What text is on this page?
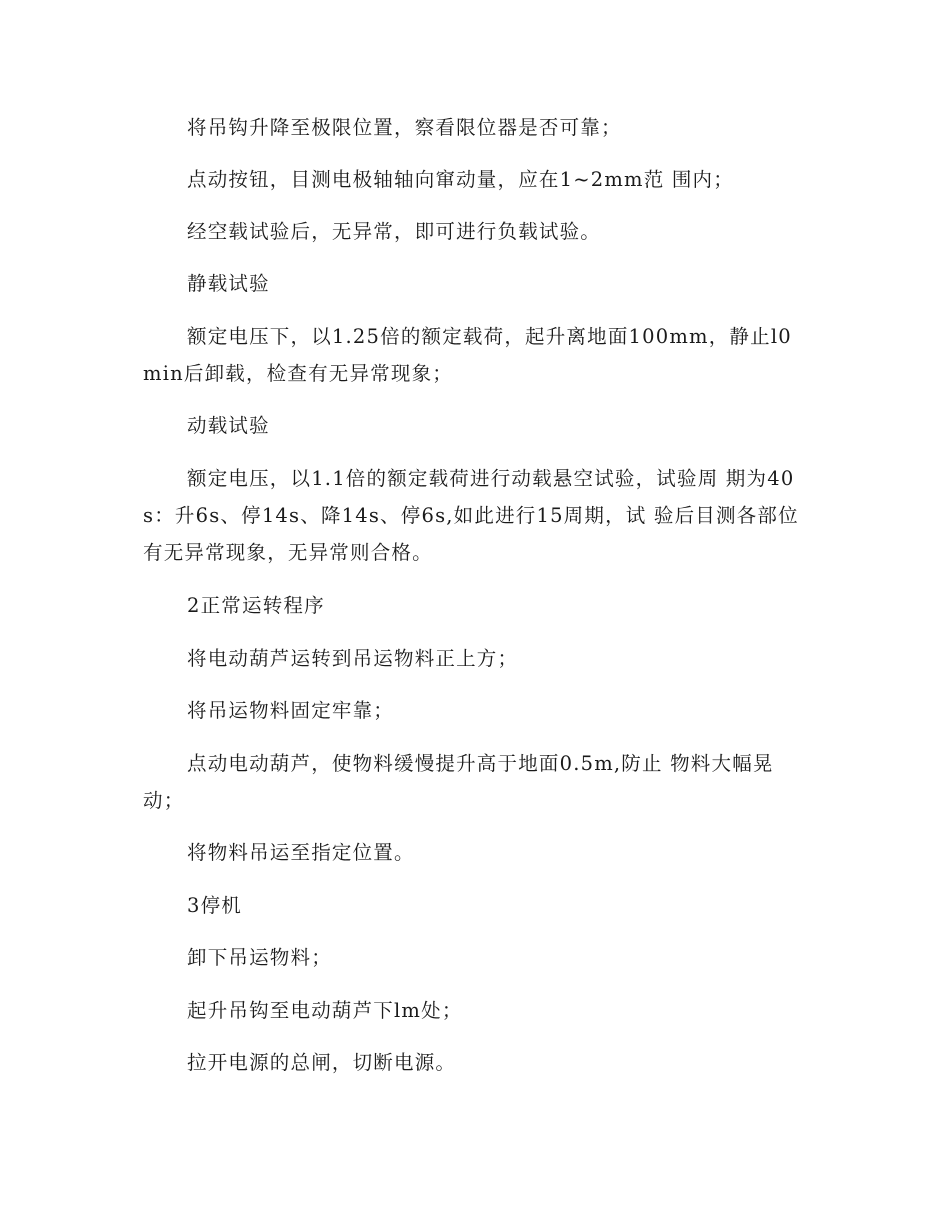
将吊钩升降至极限位置，察看限位器是否可靠；

点动按钮，目测电极轴轴向窜动量，应在1~2mm范 围内；

经空载试验后，无异常，即可进行负载试验。

静载试验

额定电压下，以1.25倍的额定载荷，起升离地面100mm，静止l0min后卸载，检查有无异常现象；

动载试验

额定电压，以1.1倍的额定载荷进行动载悬空试验，试验周 期为40s：升6s、停14s、降14s、停6s,如此进行15周期，试 验后目测各部位有无异常现象，无异常则合格。

2正常运转程序

将电动葫芦运转到吊运物料正上方；

将吊运物料固定牢靠；

点动电动葫芦，使物料缓慢提升高于地面0.5m,防止 物料大幅晃动；

将物料吊运至指定位置。

3停机

卸下吊运物料；

起升吊钩至电动葫芦下lm处；

拉开电源的总闸，切断电源。
